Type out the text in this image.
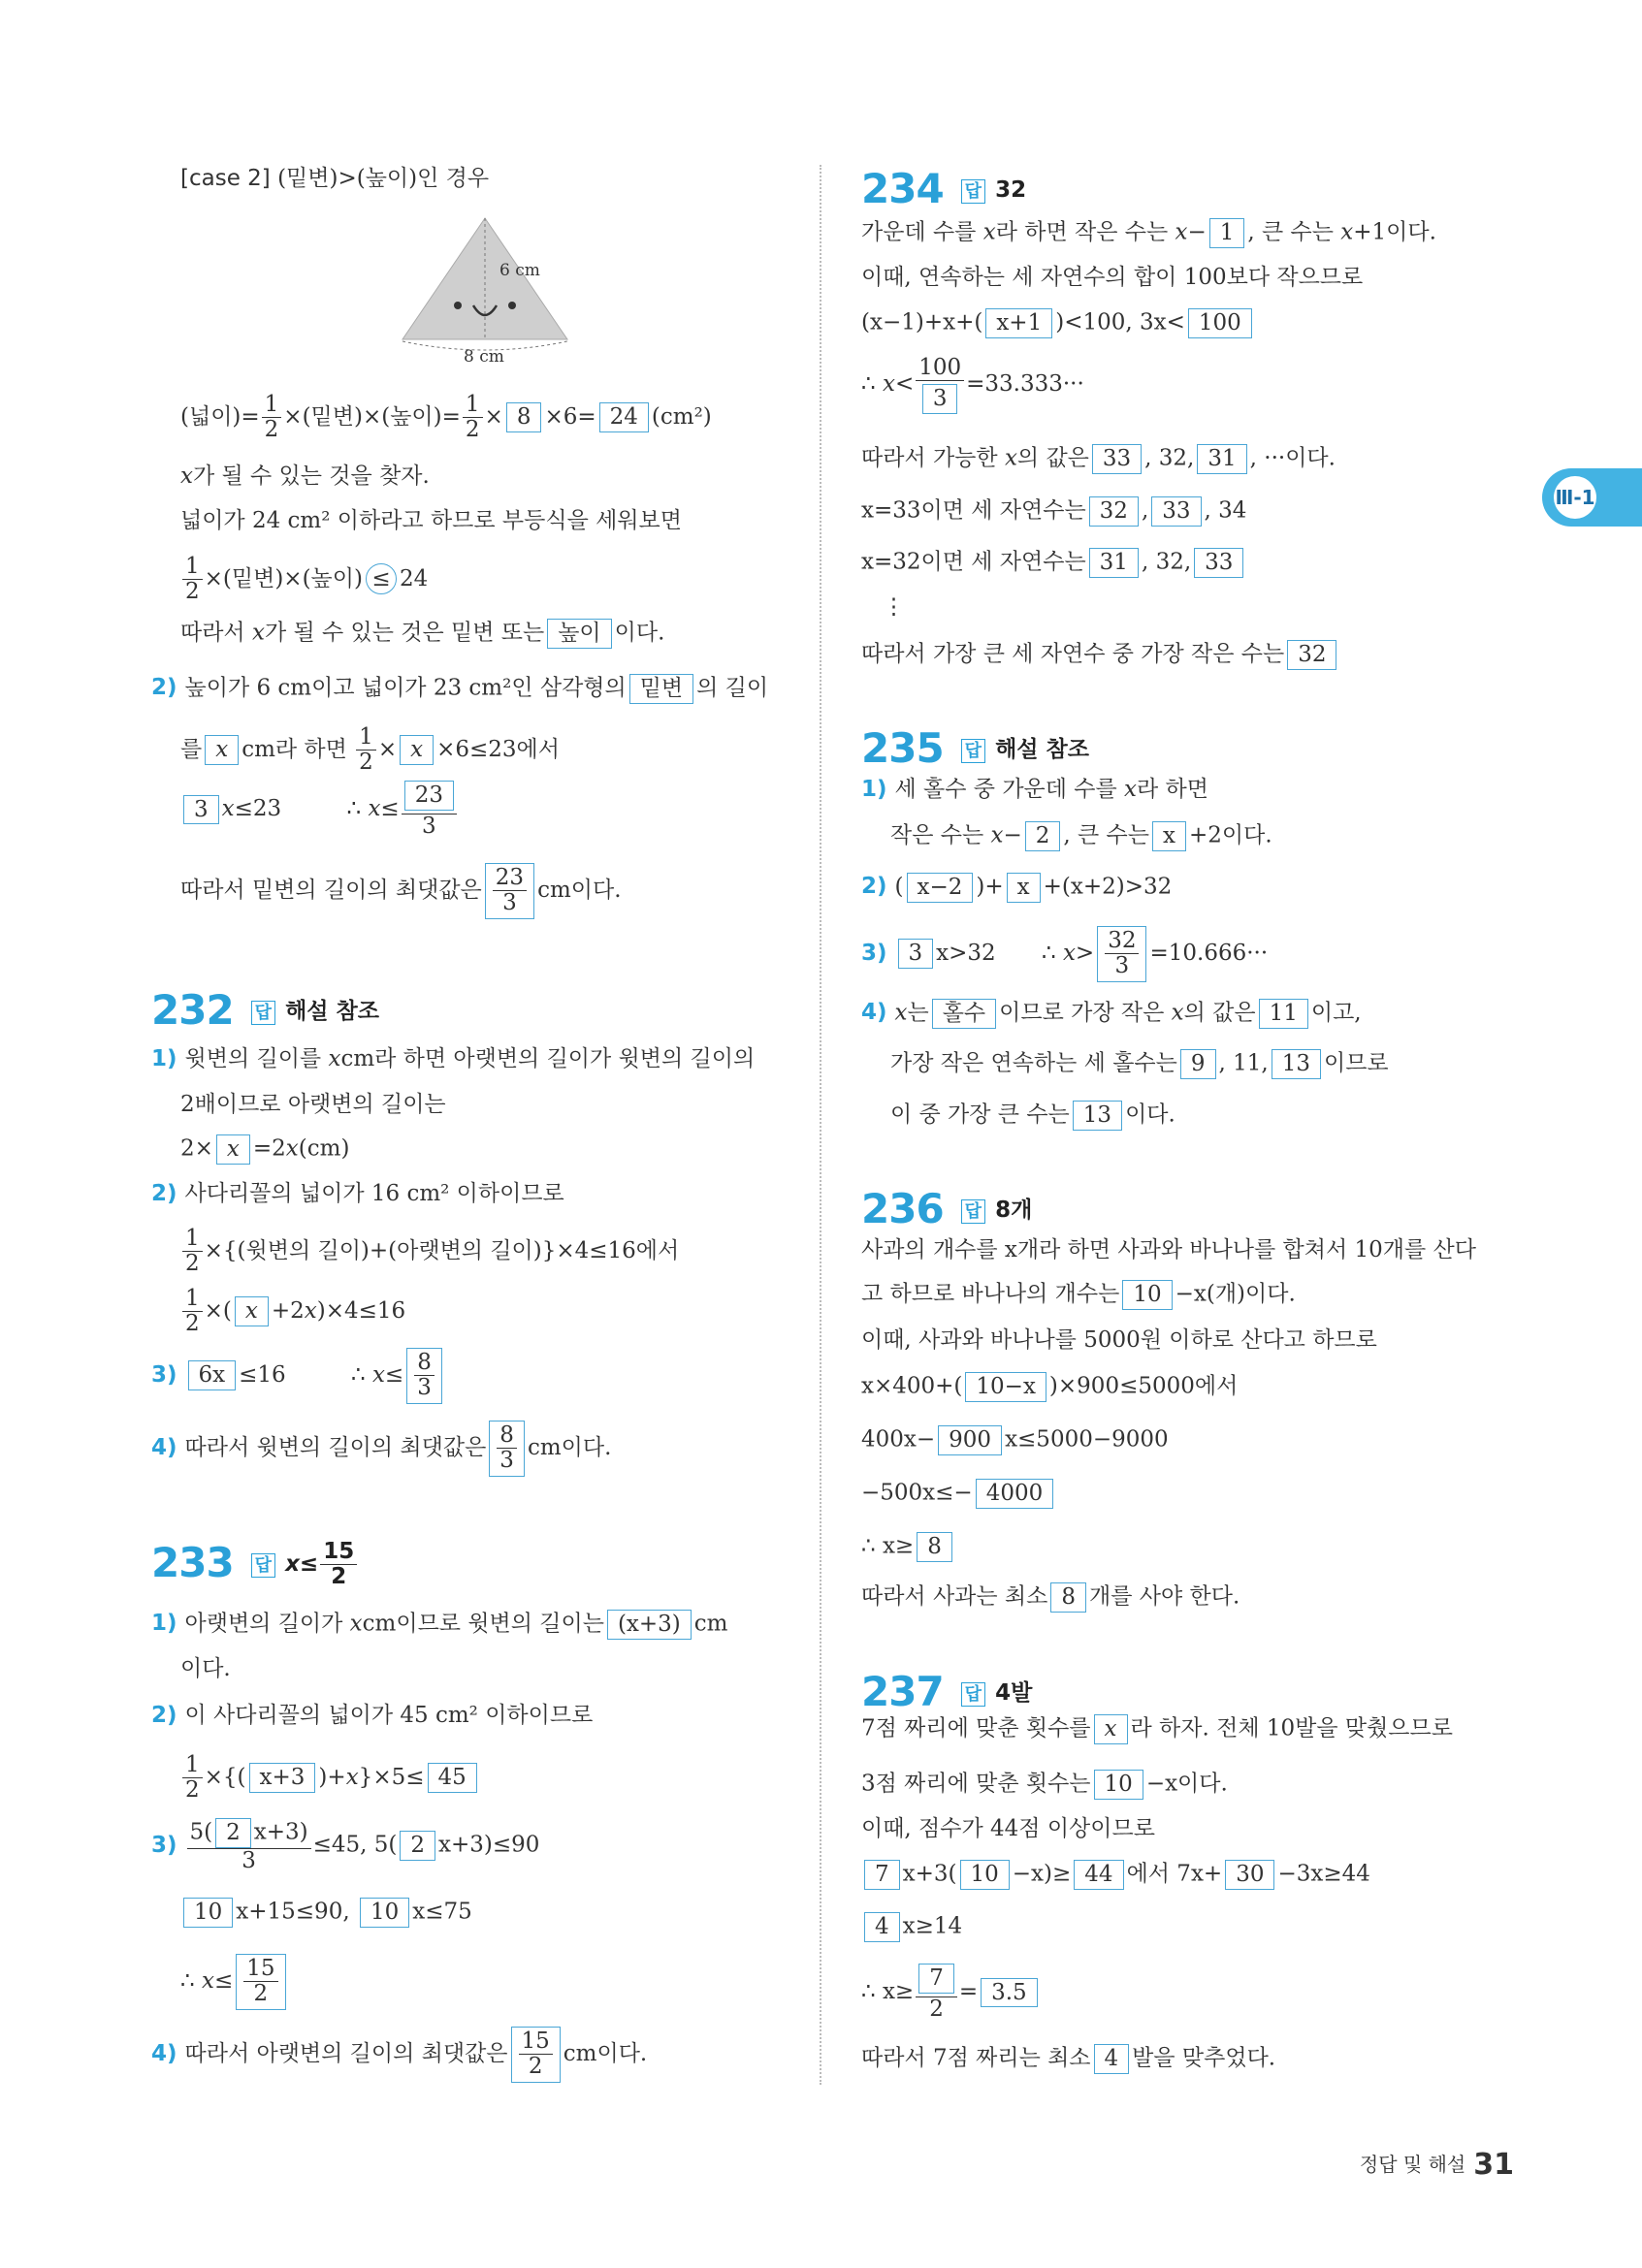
[case 2] (밑변)>(높이)인 경우
6 cm
8 cm
(넓이)= $\frac{1}{2}$ ×(밑변)×(높이)= $\frac{1}{2} \times 8 \times 6= 24$ (cm²)
x가 될 수 있는 것을 찾자.
넓이가 24 cm² 이하라고 하므로 부등식을 세워보면
$\frac{1}{2}$ ×(밑변)×(높이) ≤ 24
따라서 x가 될 수 있는 것은 밑변 또는 높이 이다.
2) 높이가 6 cm이고 넓이가 23 cm²인 삼각형의 밑변 의 길이
를 x cm라 하면 $\frac{1}{2} \times x \times 6\le 23$에서
3 x≤23	∴ $x\le \frac{23}{3}$
따라서 밑변의 길이의 최댓값은 23
3
cm이다.
232 답 해설 참조
1) 윗변의 길이를 xcm라 하면 아랫변의 길이가 윗변의 길이의
2배이므로 아랫변의 길이는
2× x =2x(cm)
2) 사다리꼴의 넓이가 16 cm² 이하이므로
$\frac{1}{2}$ ×{(윗변의 길이)+(아랫변의 길이)}×4≤16에서
$\frac{1}{2}$ ×( x +2x)×4≤16
3) 6x ≤16	∴ x≤ 8
3
4) 따라서 윗변의 길이의 최댓값은 8
3
cm이다.
233 답 $x\le \frac{15}{2}$
1) 아랫변의 길이가 xcm이므로 윗변의 길이는 (x+3) cm
이다.
2) 이 사다리꼴의 넓이가 45 cm² 이하이므로
$\frac{1}{2}$ ×{( x+3 )+x}×5≤ 45
$3) \frac{5( 2 x+3)}{3} \le 45$, 5( 2 x+3)≤90
10 x+15≤90, 10 x≤75
∴ x≤ 15
2
4) 따라서 아랫변의 길이의 최댓값은 15
2
cm이다.
234 답 32
가운데 수를 x라 하면 작은 수는 x− 1 , 큰 수는 x+1이다.
이때, 연속하는 세 자연수의 합이 100보다 작으므로
(x−1)+x+( x+1 )<100, 3x< 100
∴ $x< \frac{100}{3} =33.333\cdot\cdot\cdot$
따라서 가능한 x의 값은 33 , 32, 31 , ···이다.
x=33이면 세 자연수는 32 , 33 , 34
x=32이면 세 자연수는 31 , 32, 33
⋮
따라서 가장 큰 세 자연수 중 가장 작은 수는 32
235 답 해설 참조
1) 세 홀수 중 가운데 수를 x라 하면
작은 수는 x− 2 , 큰 수는 x +2이다.
2) ( x−2 )+ x +(x+2)>32
3) 3 x>32 ∴ x> 32
3
=10.666···
4) x는 홀수 이므로 가장 작은 x의 값은 11 이고,
가장 작은 연속하는 세 홀수는 9 , 11, 13 이므로
이 중 가장 큰 수는 13 이다.
236 답 8개
사과의 개수를 x개라 하면 사과와 바나나를 합쳐서 10개를 산다
고 하므로 바나나의 개수는 10 −x(개)이다.
이때, 사과와 바나나를 5000원 이하로 산다고 하므로
x×400+( 10−x )×900≤5000에서
400x− 900 x≤5000−9000
−500x≤− 4000
∴ x≥ 8
따라서 사과는 최소 8 개를 사야 한다.
237 답 4발
7점 짜리에 맞춘 횟수를 x 라 하자. 전체 10발을 맞췄으므로
3점 짜리에 맞춘 횟수는 10 −x이다.
이때, 점수가 44점 이상이므로
7 x+3( 10 −x)≥ 44 에서 7x+ 30 −3x≥44
4 x≥14
∴ $x\ge \frac{7}{2} = 3.5$
따라서 7점 짜리는 최소 4 발을 맞추었다.
Ⅲ-1
정답 및 해설 31
